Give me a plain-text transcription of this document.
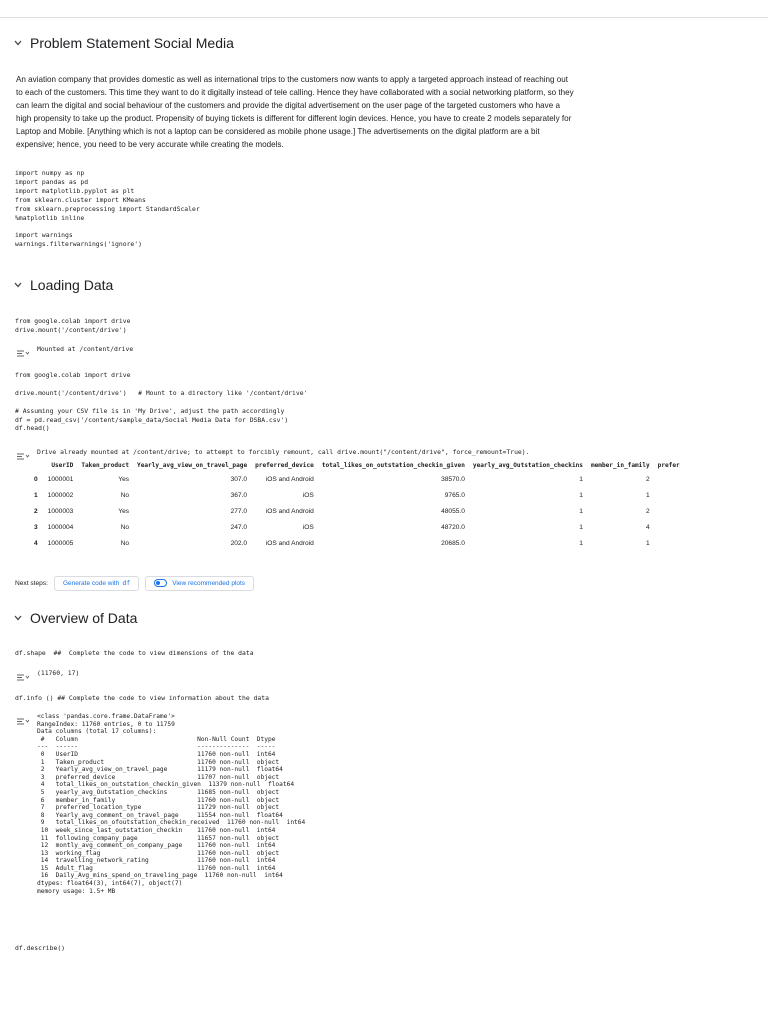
Problem Statement Social Media
An aviation company that provides domestic as well as international trips to the customers now wants to apply a targeted approach instead of reaching out to each of the customers. This time they want to do it digitally instead of tele calling. Hence they have collaborated with a social networking platform, so they can learn the digital and social behaviour of the customers and provide the digital advertisement on the user page of the targeted customers who have a high propensity to take up the product. Propensity of buying tickets is different for different login devices. Hence, you have to create 2 models separately for Laptop and Mobile. [Anything which is not a laptop can be considered as mobile phone usage.] The advertisements on the digital platform are a bit expensive; hence, you need to be very accurate while creating the models.
import numpy as np
import pandas as pd
import matplotlib.pyplot as plt
from sklearn.cluster import KMeans
from sklearn.preprocessing import StandardScaler
%matplotlib inline

import warnings
warnings.filterwarnings('ignore')
Loading Data
from google.colab import drive
drive.mount('/content/drive')
Mounted at /content/drive
from google.colab import drive

drive.mount('/content/drive')   # Mount to a directory like '/content/drive'

# Assuming your CSV file is in 'My Drive', adjust the path accordingly
df = pd.read_csv('/content/sample_data/Social Media Data for DSBA.csv')
df.head()
Drive already mounted at /content/drive; to attempt to forcibly remount, call drive.mount("/content/drive", force_remount=True).
	UserID	Taken_product	Yearly_avg_view_on_travel_page	preferred_device	total_likes_on_outstation_checkin_given	yearly_avg_Outstation_checkins	member_in_family	prefer
0	1000001	Yes	307.0	iOS and Android	38570.0	1	2	
1	1000002	No	367.0	iOS	9765.0	1	1	
2	1000003	Yes	277.0	iOS and Android	48055.0	1	2	
3	1000004	No	247.0	iOS	48720.0	1	4	
4	1000005	No	202.0	iOS and Android	20685.0	1	1	
Next steps: Generate code with df	View recommended plots
Overview of Data
df.shape  ##  Complete the code to view dimensions of the data
(11760, 17)
df.info () ## Complete the code to view information about the data
<class 'pandas.core.frame.DataFrame'>
RangeIndex: 11760 entries, 0 to 11759
Data columns (total 17 columns):
#   Column                                Non-Null Count  Dtype
---  ------                                --------------  -----
0   UserID                                11760 non-null  int64
1   Taken_product                         11760 non-null  object
2   Yearly_avg_view_on_travel_page        11179 non-null  float64
3   preferred_device                      11707 non-null  object
4   total_likes_on_outstation_checkin_given  11379 non-null  float64
5   yearly_avg_Outstation_checkins        11685 non-null  object
6   member_in_family                      11760 non-null  object
7   preferred_location_type               11729 non-null  object
8   Yearly_avg_comment_on_travel_page     11554 non-null  float64
9   total_likes_on_ofoutstation_checkin_received  11760 non-null  int64
10  week_since_last_outstation_checkin    11760 non-null  int64
11  following_company_page                11657 non-null  object
12  montly_avg_comment_on_company_page    11760 non-null  int64
13  working_flag                          11760 non-null  object
14  travelling_network_rating             11760 non-null  int64
15  Adult_flag                            11760 non-null  int64
16  Daily_Avg_mins_spend_on_traveling_page  11760 non-null  int64
dtypes: float64(3), int64(7), object(7)
memory usage: 1.5+ MB
df.describe()
